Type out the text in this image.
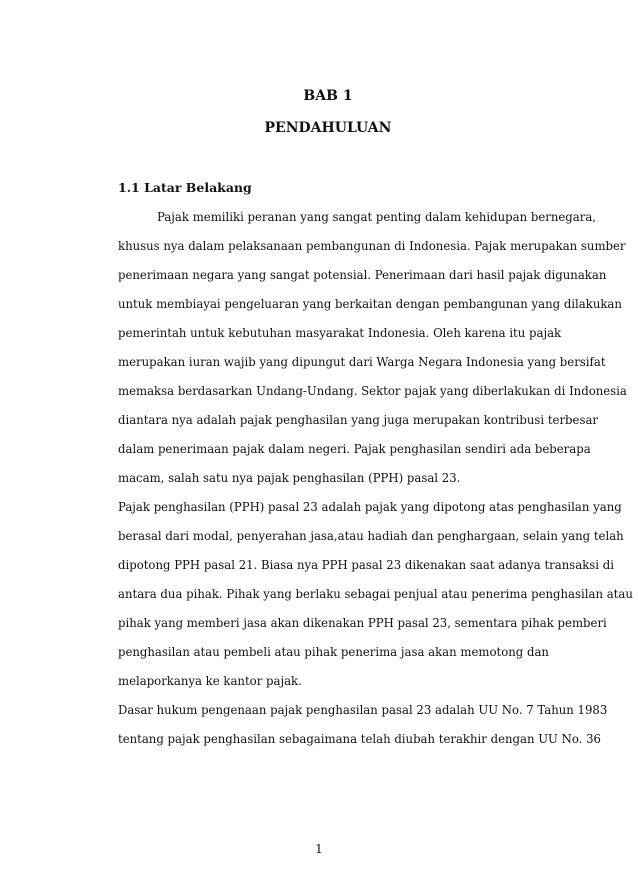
BAB 1
PENDAHULUAN
1.1 Latar Belakang
Pajak memiliki peranan yang sangat penting dalam kehidupan bernegara,
khusus nya dalam pelaksanaan pembangunan di Indonesia. Pajak merupakan sumber
penerimaan negara yang sangat potensial. Penerimaan dari hasil pajak digunakan
untuk membiayai pengeluaran yang berkaitan dengan pembangunan yang dilakukan
pemerintah untuk kebutuhan masyarakat Indonesia. Oleh karena itu pajak
merupakan iuran wajib yang dipungut dari Warga Negara Indonesia yang bersifat
memaksa berdasarkan Undang-Undang. Sektor pajak yang diberlakukan di Indonesia
diantara nya adalah pajak penghasilan yang juga merupakan kontribusi terbesar
dalam penerimaan pajak dalam negeri. Pajak penghasilan sendiri ada beberapa
macam, salah satu nya pajak penghasilan (PPH) pasal 23.
Pajak penghasilan (PPH) pasal 23 adalah pajak yang dipotong atas penghasilan yang
berasal dari modal, penyerahan jasa,atau hadiah dan penghargaan, selain yang telah
dipotong PPH pasal 21. Biasa nya PPH pasal 23 dikenakan saat adanya transaksi di
antara dua pihak. Pihak yang berlaku sebagai penjual atau penerima penghasilan atau
pihak yang memberi jasa akan dikenakan PPH pasal 23, sementara pihak pemberi
penghasilan atau pembeli atau pihak penerima jasa akan memotong dan
melaporkanya ke kantor pajak.
Dasar hukum pengenaan pajak penghasilan pasal 23 adalah UU No. 7 Tahun 1983
tentang pajak penghasilan sebagaimana telah diubah terakhir dengan UU No. 36
1
